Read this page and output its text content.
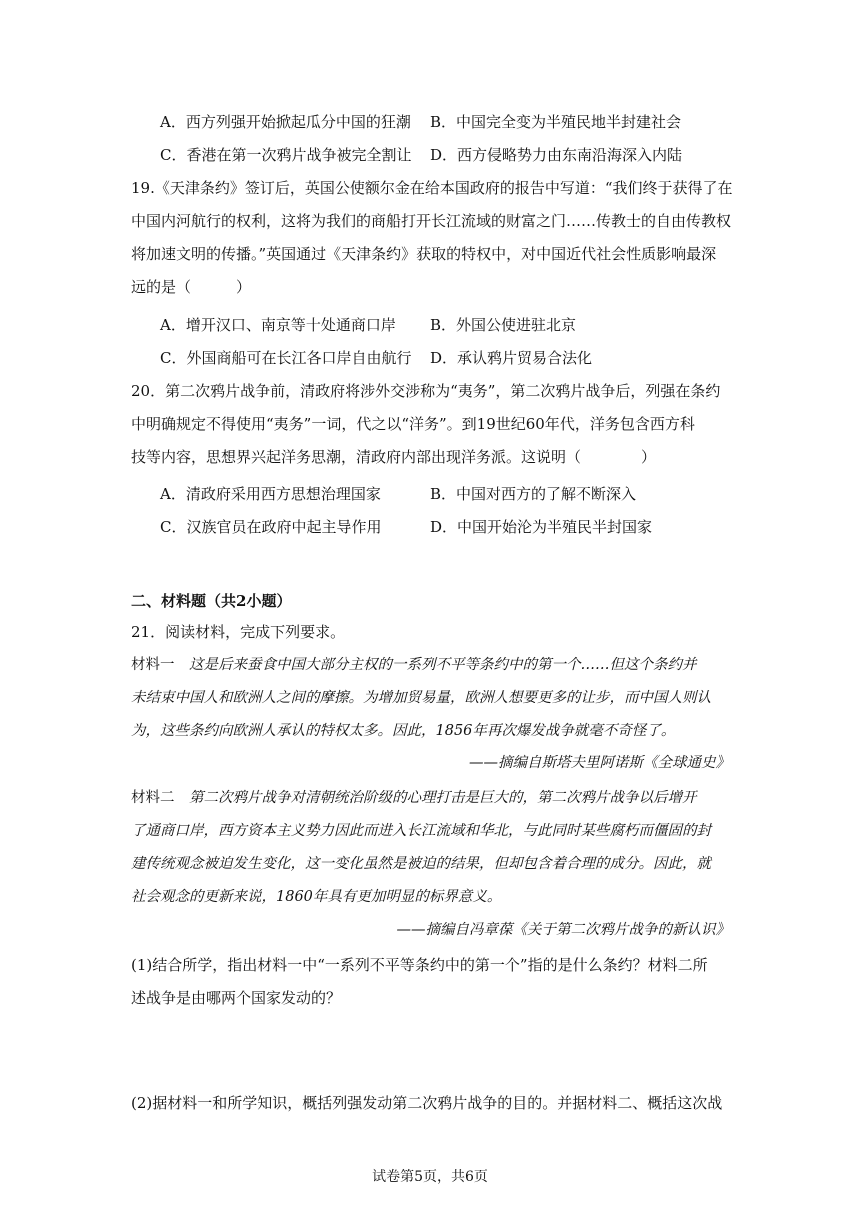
A．西方列强开始掀起瓜分中国的狂潮 B．中国完全变为半殖民地半封建社会
C．香港在第一次鸦片战争被完全割让 D．西方侵略势力由东南沿海深入内陆
19.《天津条约》签订后，英国公使额尔金在给本国政府的报告中写道：“我们终于获得了在
中国内河航行的权利，这将为我们的商船打开长江流域的财富之门……传教士的自由传教权
将加速文明的传播。”英国通过《天津条约》获取的特权中，对中国近代社会性质影响最深
远的是（　　　）
A．增开汉口、南京等十处通商口岸 B．外国公使进驻北京
C．外国商船可在长江各口岸自由航行 D．承认鸦片贸易合法化
20．第二次鸦片战争前，清政府将涉外交涉称为“夷务”，第二次鸦片战争后，列强在条约
中明确规定不得使用“夷务”一词，代之以“洋务”。到19世纪60年代，洋务包含西方科
技等内容，思想界兴起洋务思潮，清政府内部出现洋务派。这说明（　　　　）
A．清政府采用西方思想治理国家	B．中国对西方的了解不断深入
C．汉族官员在政府中起主导作用	D．中国开始沦为半殖民半封国家
二、材料题（共2小题）
21．阅读材料，完成下列要求。
材料一　这是后来蚕食中国大部分主权的一系列不平等条约中的第一个……但这个条约并
未结束中国人和欧洲人之间的摩擦。为增加贸易量，欧洲人想要更多的让步，而中国人则认
为，这些条约向欧洲人承认的特权太多。因此，1856年再次爆发战争就毫不奇怪了。
——摘编自斯塔夫里阿诺斯《全球通史》
材料二　第二次鸦片战争对清朝统治阶级的心理打击是巨大的，第二次鸦片战争以后增开
了通商口岸，西方资本主义势力因此而进入长江流域和华北，与此同时某些腐朽而僵固的封
建传统观念被迫发生变化，这一变化虽然是被迫的结果，但却包含着合理的成分。因此，就
社会观念的更新来说，1860年具有更加明显的标界意义。
——摘编自冯章葆《关于第二次鸦片战争的新认识》
(1)结合所学，指出材料一中“一系列不平等条约中的第一个”指的是什么条约？材料二所
述战争是由哪两个国家发动的？
(2)据材料一和所学知识，概括列强发动第二次鸦片战争的目的。并据材料二、概括这次战
试卷第5页，共6页
